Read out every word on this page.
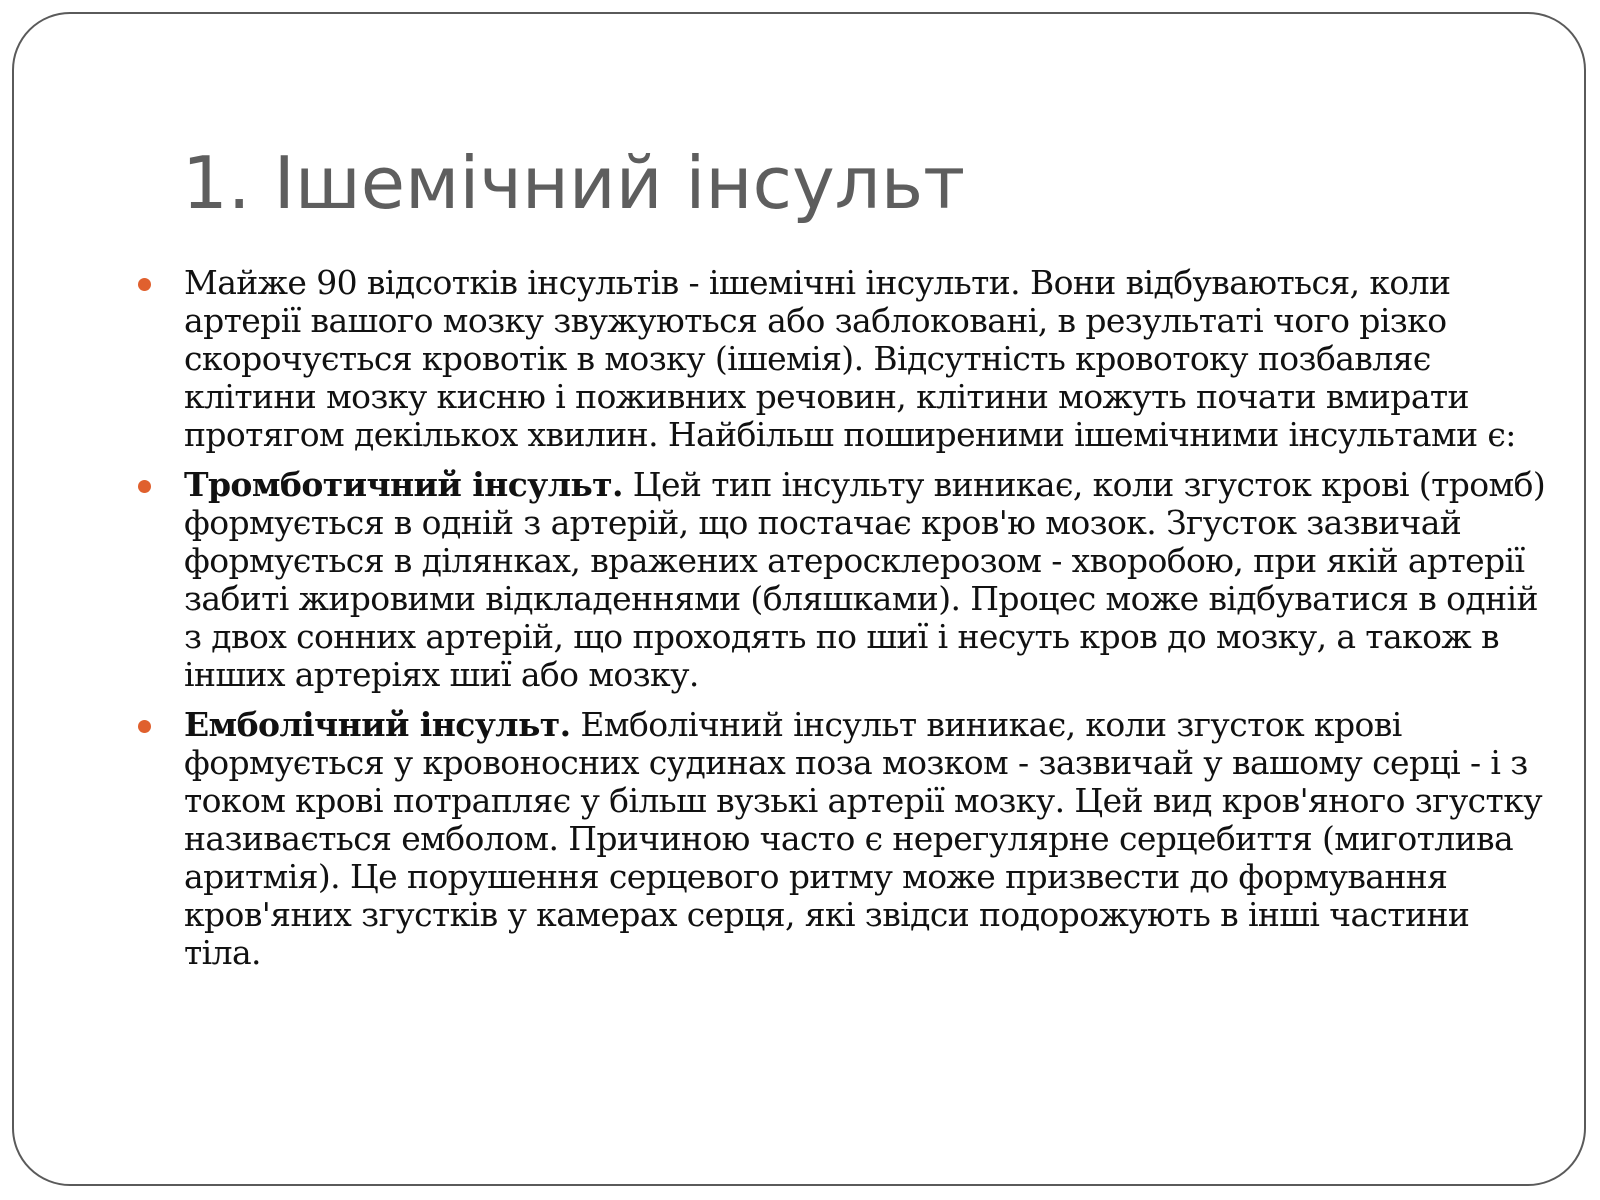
1. Ішемічний інсульт
Майже 90 відсотків інсультів - ішемічні інсульти. Вони відбуваються, коли артерії вашого мозку звужуються або заблоковані, в результаті чого різко скорочується кровотік в мозку (ішемія). Відсутність кровотоку позбавляє клітини мозку кисню і поживних речовин, клітини можуть почати вмирати протягом декількох хвилин. Найбільш поширеними ішемічними інсультами є:
Тромботичний інсульт. Цей тип інсульту виникає, коли згусток крові (тромб) формується в одній з артерій, що постачає кров'ю мозок. Згусток зазвичай формується в ділянках, вражених атеросклерозом - хворобою, при якій артерії забиті жировими відкладеннями (бляшками). Процес може відбуватися в одній з двох сонних артерій, що проходять по шиї і несуть кров до мозку, а також в інших артеріях шиї або мозку.
Емболічний інсульт. Емболічний інсульт виникає, коли згусток крові формується у кровоносних судинах поза мозком - зазвичай у вашому серці - і з током крові потрапляє у більш вузькі артерії мозку. Цей вид кров'яного згустку називається емболом. Причиною часто є нерегулярне серцебиття (миготлива аритмія). Це порушення серцевого ритму може призвести до формування кров'яних згустків у камерах серця, які звідси подорожують в інші частини тіла.
